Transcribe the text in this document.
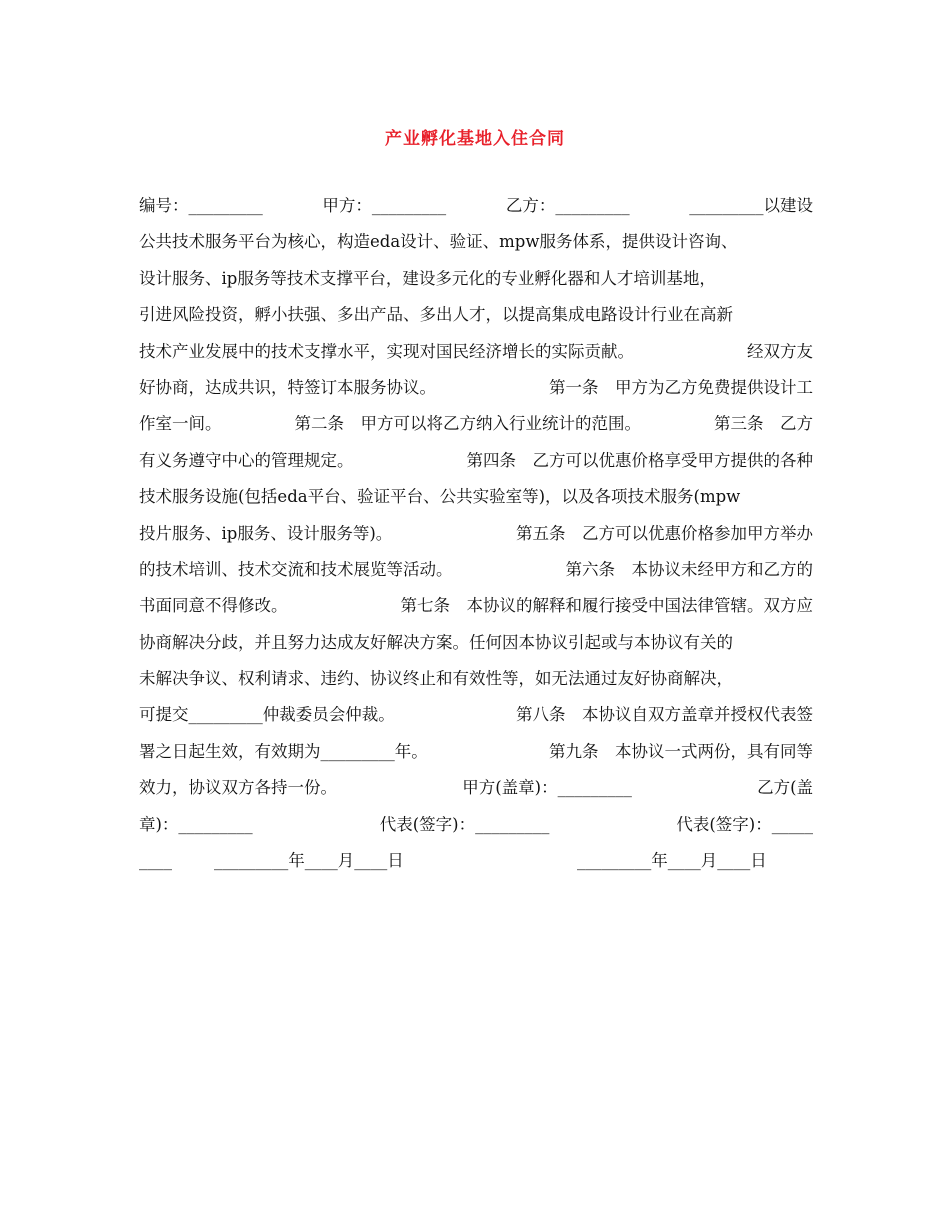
产业孵化基地入住合同
编号：_________	甲方：_________	乙方：_________	_________以建设
公共技术服务平台为核心，构造eda设计、验证、mpw服务体系，提供设计咨询、
设计服务、ip服务等技术支撑平台，建设多元化的专业孵化器和人才培训基地，
引进风险投资，孵小扶强、多出产品、多出人才，以提高集成电路设计行业在高新
技术产业发展中的技术支撑水平，实现对国民经济增长的实际贡献。	经双方友
好协商，达成共识，特签订本服务协议。	第一条　甲方为乙方免费提供设计工
作室一间。	第二条　甲方可以将乙方纳入行业统计的范围。	第三条　乙方
有义务遵守中心的管理规定。	第四条　乙方可以优惠价格享受甲方提供的各种
技术服务设施(包括eda平台、验证平台、公共实验室等)，以及各项技术服务(mpw
投片服务、ip服务、设计服务等)。	第五条　乙方可以优惠价格参加甲方举办
的技术培训、技术交流和技术展览等活动。	第六条　本协议未经甲方和乙方的
书面同意不得修改。	第七条　本协议的解释和履行接受中国法律管辖。双方应
协商解决分歧，并且努力达成友好解决方案。任何因本协议引起或与本协议有关的
未解决争议、权利请求、违约、协议终止和有效性等，如无法通过友好协商解决，
可提交_________仲裁委员会仲裁。	第八条　本协议自双方盖章并授权代表签
署之日起生效，有效期为_________年。	第九条　本协议一式两份，具有同等
效力，协议双方各持一份。	甲方(盖章)：_________	乙方(盖
章)：_________	代表(签字)：_________	代表(签字)：_____
____	_________年____月____日	_________年____月____日
